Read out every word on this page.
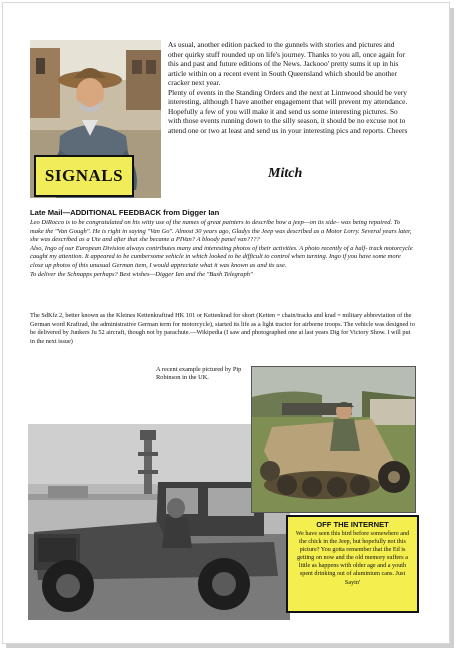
SIGNALS

As usual, another edition packed to the gunnels with stories and pictures and other quirky stuff rounded up on life's journey. Thanks to you all, once again for this and past and future editions of the News. Jackooo' pretty sums it up in his article within on a recent event in South Queensland which should be another cracker next year.

Plenty of events in the Standing Orders and the next at Linnwood should be very interesting, although I have another engagement that will prevent my attendance. Hopefully a few of you will make it and send us some interesting pictures. So with those events running down to the silly season, it should be no excuse not to attend one or two at least and send us in your interesting pics and reports. Cheers

Mitch
Late Mail—ADDITIONAL FEEDBACK from Digger Ian

Leo DiRocco is to be congratulated on his witty use of the names of great painters to describe how a jeep—on its side– was being repaired. To make the "Van Gough". He is right in saying "Van Go". Almost 30 years ago, Gladys the Jeep was described as a Motor Lorry. Several years later, she was described as a Ute and after that she became a PIVan? A bloody panel van????

Also, Ingo of our European Division always contributes many and interesting photos of their activities. A photo recently of a half- track motorcycle caught my attention. It appeared to be cumbersome vehicle in which looked to be difficult to control when turning. Ingo if you have some more close up photos of this unusual German item, I would appreciate what it was known as and its use.

To deliver the Schnapps perhaps? Best wishes—Digger Ian and the "Bush Telegraph"

The SdKfz 2, better known as the Kleines Kettenkraftrad HK 101 or Kettenkrad for short (Ketten = chain/tracks and krad = military abbreviation of the German word Kraftrad, the administrative German term for motorcycle), started its life as a light tractor for airborne troops. The vehicle was designed to be delivered by Junkers Ju 52 aircraft, though not by parachute.—Wikipedia (I saw and photographed one at last years Dig for Victory Show. I will put in the next issue)

A recent example pictured by Pip Robinson in the UK.

OFF THE INTERNET

We have seen this bird before somewhere and the chick in the Jeep, but hopefully not this picture? You gotta remember that the Ed is getting on now and the old memory suffers a little as happens with older age and a youth spent drinking out of aluminium cans. Just Sayin'
